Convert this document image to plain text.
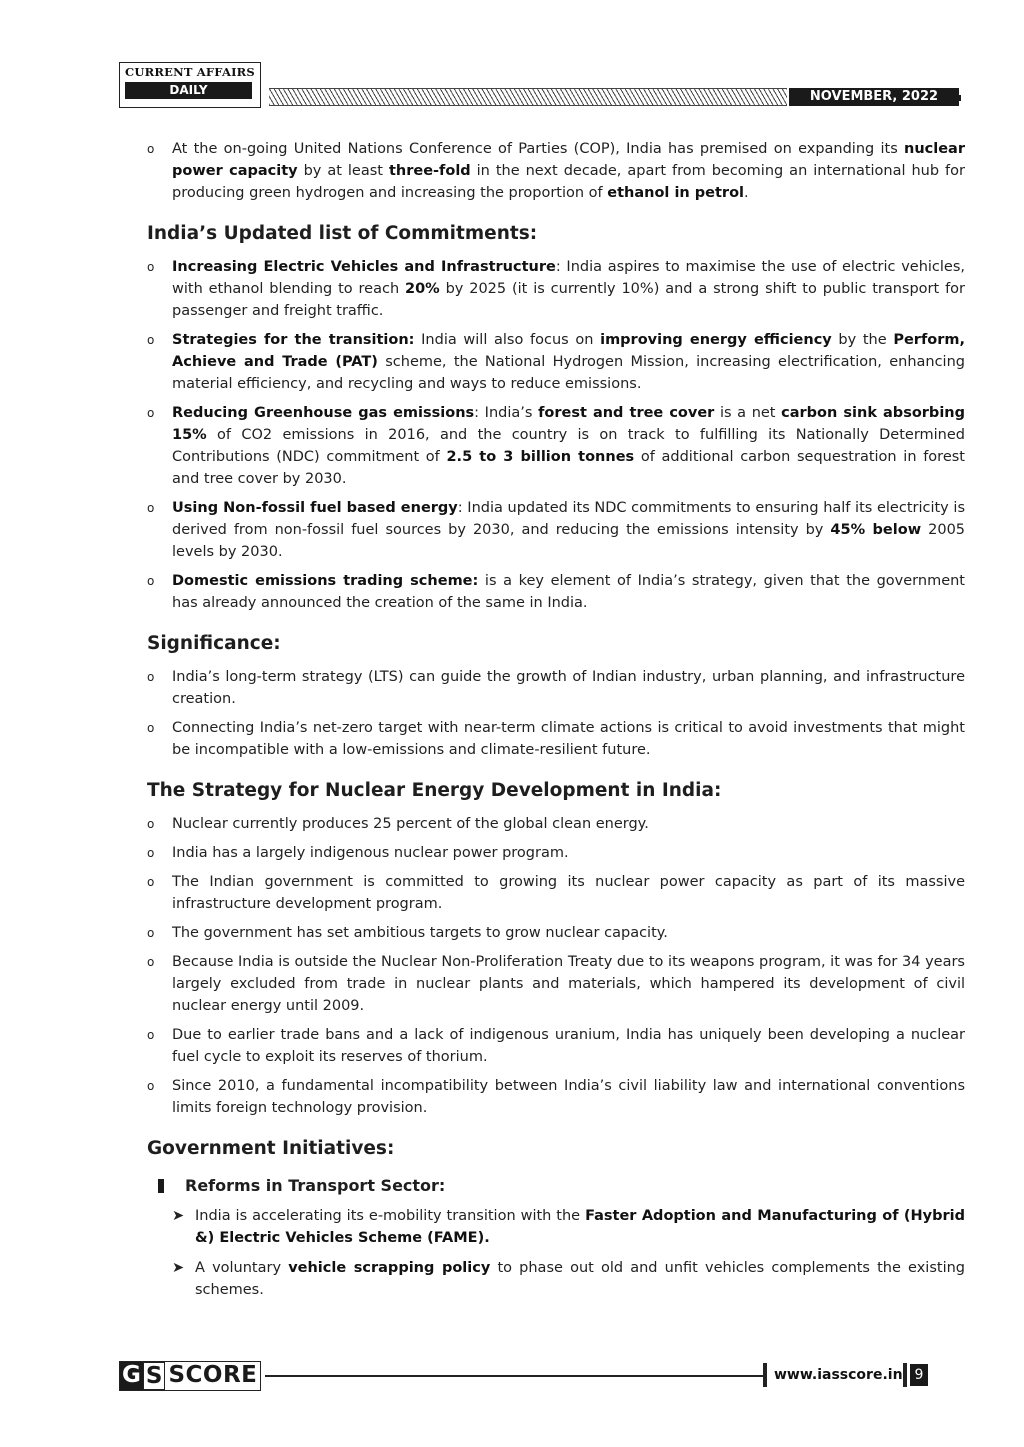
CURRENT AFFAIRS
DAILY	NOVEMBER, 2022
o At the on-going United Nations Conference of Parties (COP), India has premised on expanding its nuclear power capacity by at least three-fold in the next decade, apart from becoming an international hub for producing green hydrogen and increasing the proportion of ethanol in petrol.
India’s Updated list of Commitments:
o Increasing Electric Vehicles and Infrastructure: India aspires to maximise the use of electric vehicles, with ethanol blending to reach 20% by 2025 (it is currently 10%) and a strong shift to public transport for passenger and freight traffic.
o Strategies for the transition: India will also focus on improving energy efficiency by the Perform, Achieve and Trade (PAT) scheme, the National Hydrogen Mission, increasing electrification, enhancing material efficiency, and recycling and ways to reduce emissions.
o Reducing Greenhouse gas emissions: India’s forest and tree cover is a net carbon sink absorbing 15% of CO2 emissions in 2016, and the country is on track to fulfilling its Nationally Determined Contributions (NDC) commitment of 2.5 to 3 billion tonnes of additional carbon sequestration in forest and tree cover by 2030.
o Using Non-fossil fuel based energy: India updated its NDC commitments to ensuring half its electricity is derived from non-fossil fuel sources by 2030, and reducing the emissions intensity by 45% below 2005 levels by 2030.
o Domestic emissions trading scheme: is a key element of India’s strategy, given that the government has already announced the creation of the same in India.
Significance:
o India’s long-term strategy (LTS) can guide the growth of Indian industry, urban planning, and infrastructure creation.
o Connecting India’s net-zero target with near-term climate actions is critical to avoid investments that might be incompatible with a low-emissions and climate-resilient future.
The Strategy for Nuclear Energy Development in India:
o Nuclear currently produces 25 percent of the global clean energy.
o India has a largely indigenous nuclear power program.
o The Indian government is committed to growing its nuclear power capacity as part of its massive infrastructure development program.
o The government has set ambitious targets to grow nuclear capacity.
o Because India is outside the Nuclear Non-Proliferation Treaty due to its weapons program, it was for 34 years largely excluded from trade in nuclear plants and materials, which hampered its development of civil nuclear energy until 2009.
o Due to earlier trade bans and a lack of indigenous uranium, India has uniquely been developing a nuclear fuel cycle to exploit its reserves of thorium.
o Since 2010, a fundamental incompatibility between India’s civil liability law and international conventions limits foreign technology provision.
Government Initiatives:
Reforms in Transport Sector:
➤ India is accelerating its e-mobility transition with the Faster Adoption and Manufacturing of (Hybrid &) Electric Vehicles Scheme (FAME).
➤ A voluntary vehicle scrapping policy to phase out old and unfit vehicles complements the existing schemes.
G S SCORE	www.iasscore.in 9
